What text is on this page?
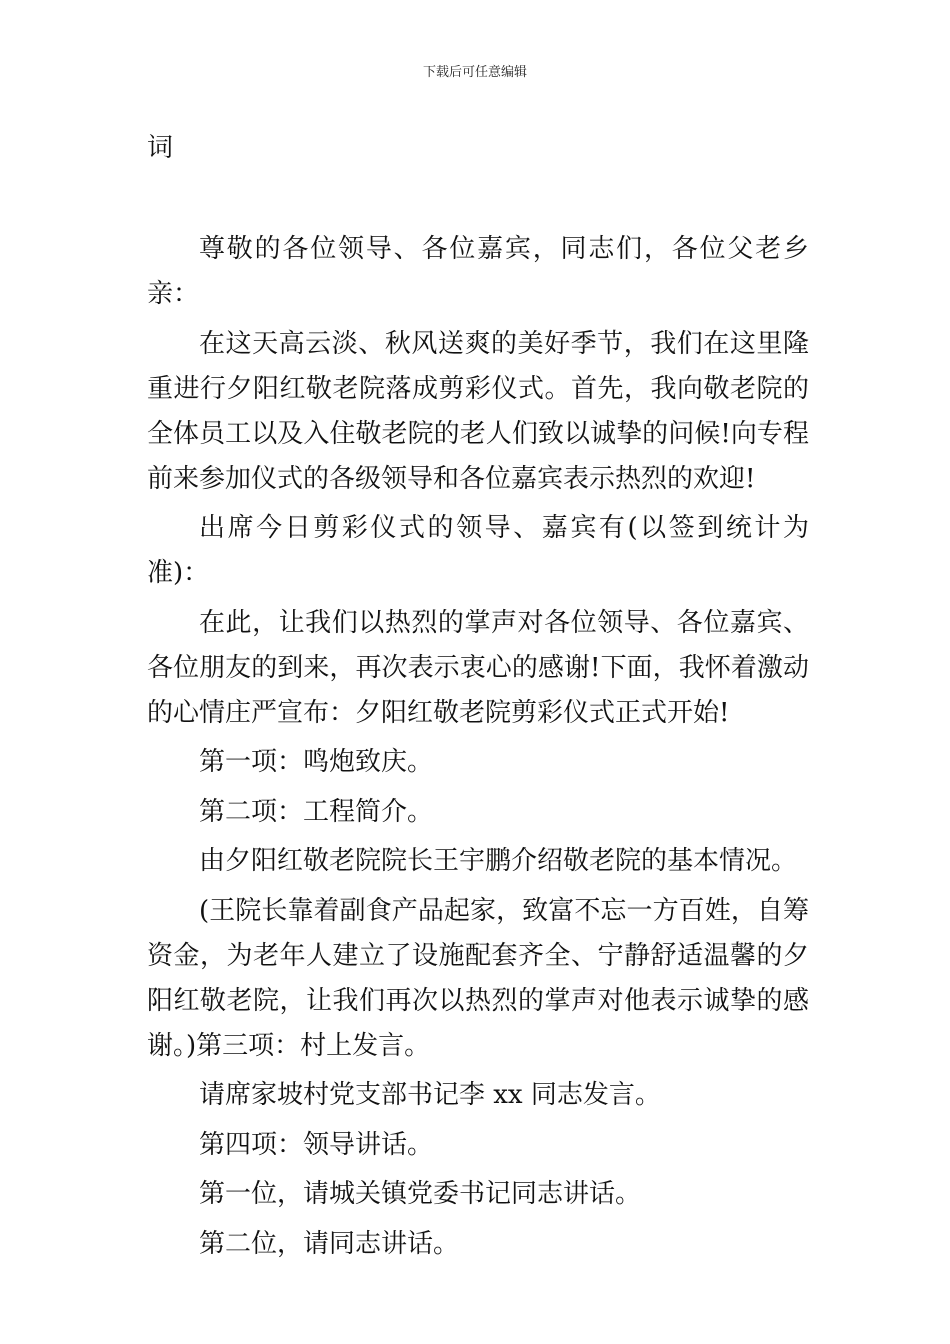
下载后可任意编辑
词

尊敬的各位领导、各位嘉宾，同志们，各位父老乡亲：

在这天高云淡、秋风送爽的美好季节，我们在这里隆重进行夕阳红敬老院落成剪彩仪式。首先，我向敬老院的全体员工以及入住敬老院的老人们致以诚挚的问候!向专程前来参加仪式的各级领导和各位嘉宾表示热烈的欢迎!

出席今日剪彩仪式的领导、嘉宾有(以签到统计为准)：

在此，让我们以热烈的掌声对各位领导、各位嘉宾、各位朋友的到来，再次表示衷心的感谢!下面，我怀着激动的心情庄严宣布：夕阳红敬老院剪彩仪式正式开始!

第一项：鸣炮致庆。

第二项：工程简介。

由夕阳红敬老院院长王宇鹏介绍敬老院的基本情况。

(王院长靠着副食产品起家，致富不忘一方百姓，自筹资金，为老年人建立了设施配套齐全、宁静舒适温馨的夕阳红敬老院，让我们再次以热烈的掌声对他表示诚挚的感谢。)第三项：村上发言。

请席家坡村党支部书记李 xx 同志发言。

第四项：领导讲话。

第一位，请城关镇党委书记同志讲话。

第二位，请同志讲话。
